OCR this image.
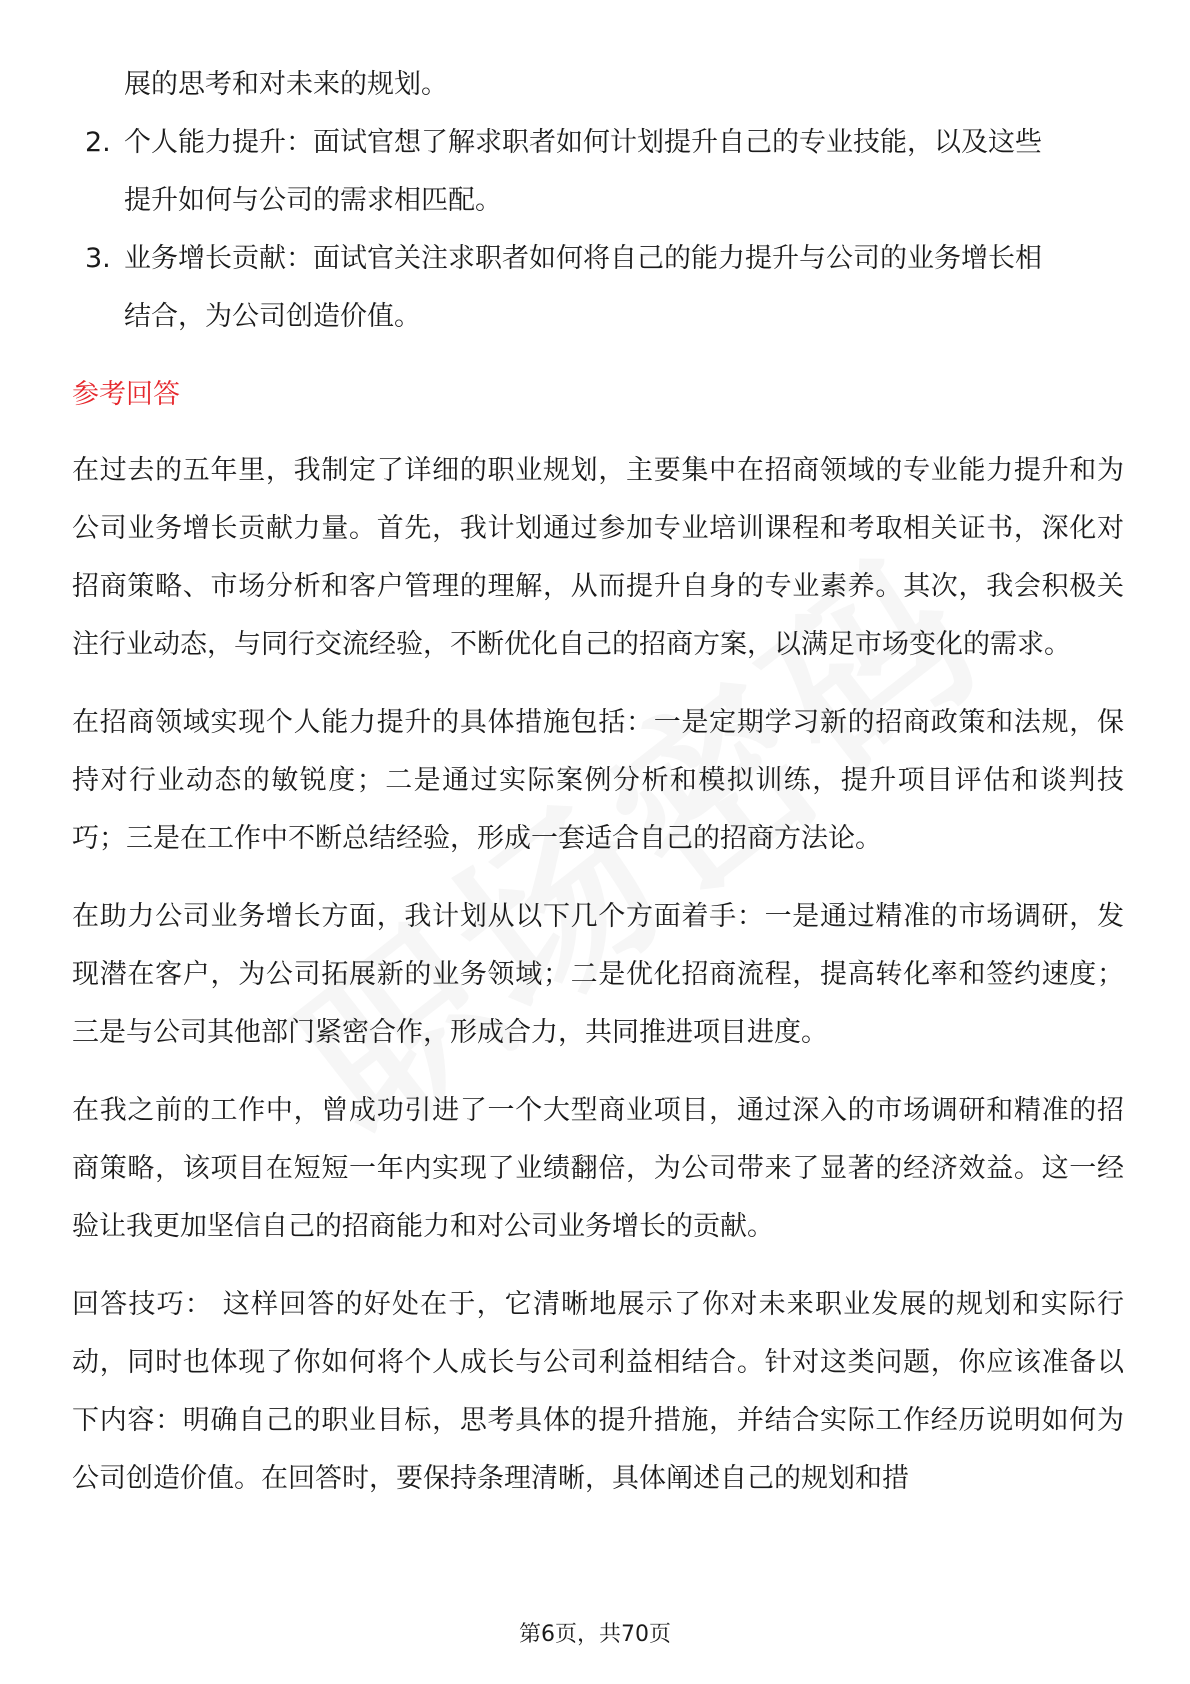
展的思考和对未来的规划。

2. 个人能力提升：面试官想了解求职者如何计划提升自己的专业技能，以及这些
提升如何与公司的需求相匹配。
3. 业务增长贡献：面试官关注求职者如何将自己的能力提升与公司的业务增长相
结合，为公司创造价值。
参考回答

在过去的五年里，我制定了详细的职业规划，主要集中在招商领域的专业能力提升和为公司业务增长贡献力量。首先，我计划通过参加专业培训课程和考取相关证书，深化对招商策略、市场分析和客户管理的理解，从而提升自身的专业素养。其次，我会积极关注行业动态，与同行交流经验，不断优化自己的招商方案，以满足市场变化的需求。

在招商领域实现个人能力提升的具体措施包括：一是定期学习新的招商政策和法规，保持对行业动态的敏锐度；二是通过实际案例分析和模拟训练，提升项目评估和谈判技巧；三是在工作中不断总结经验，形成一套适合自己的招商方法论。

在助力公司业务增长方面，我计划从以下几个方面着手：一是通过精准的市场调研，发现潜在客户，为公司拓展新的业务领域；二是优化招商流程，提高转化率和签约速度；三是与公司其他部门紧密合作，形成合力，共同推进项目进度。

在我之前的工作中，曾成功引进了一个大型商业项目，通过深入的市场调研和精准的招商策略，该项目在短短一年内实现了业绩翻倍，为公司带来了显著的经济效益。这一经验让我更加坚信自己的招商能力和对公司业务增长的贡献。

回答技巧： 这样回答的好处在于，它清晰地展示了你对未来职业发展的规划和实际行动，同时也体现了你如何将个人成长与公司利益相结合。针对这类问题，你应该准备以下内容：明确自己的职业目标，思考具体的提升措施，并结合实际工作经历说明如何为公司创造价值。在回答时，要保持条理清晰，具体阐述自己的规划和措

第6页，共70页
